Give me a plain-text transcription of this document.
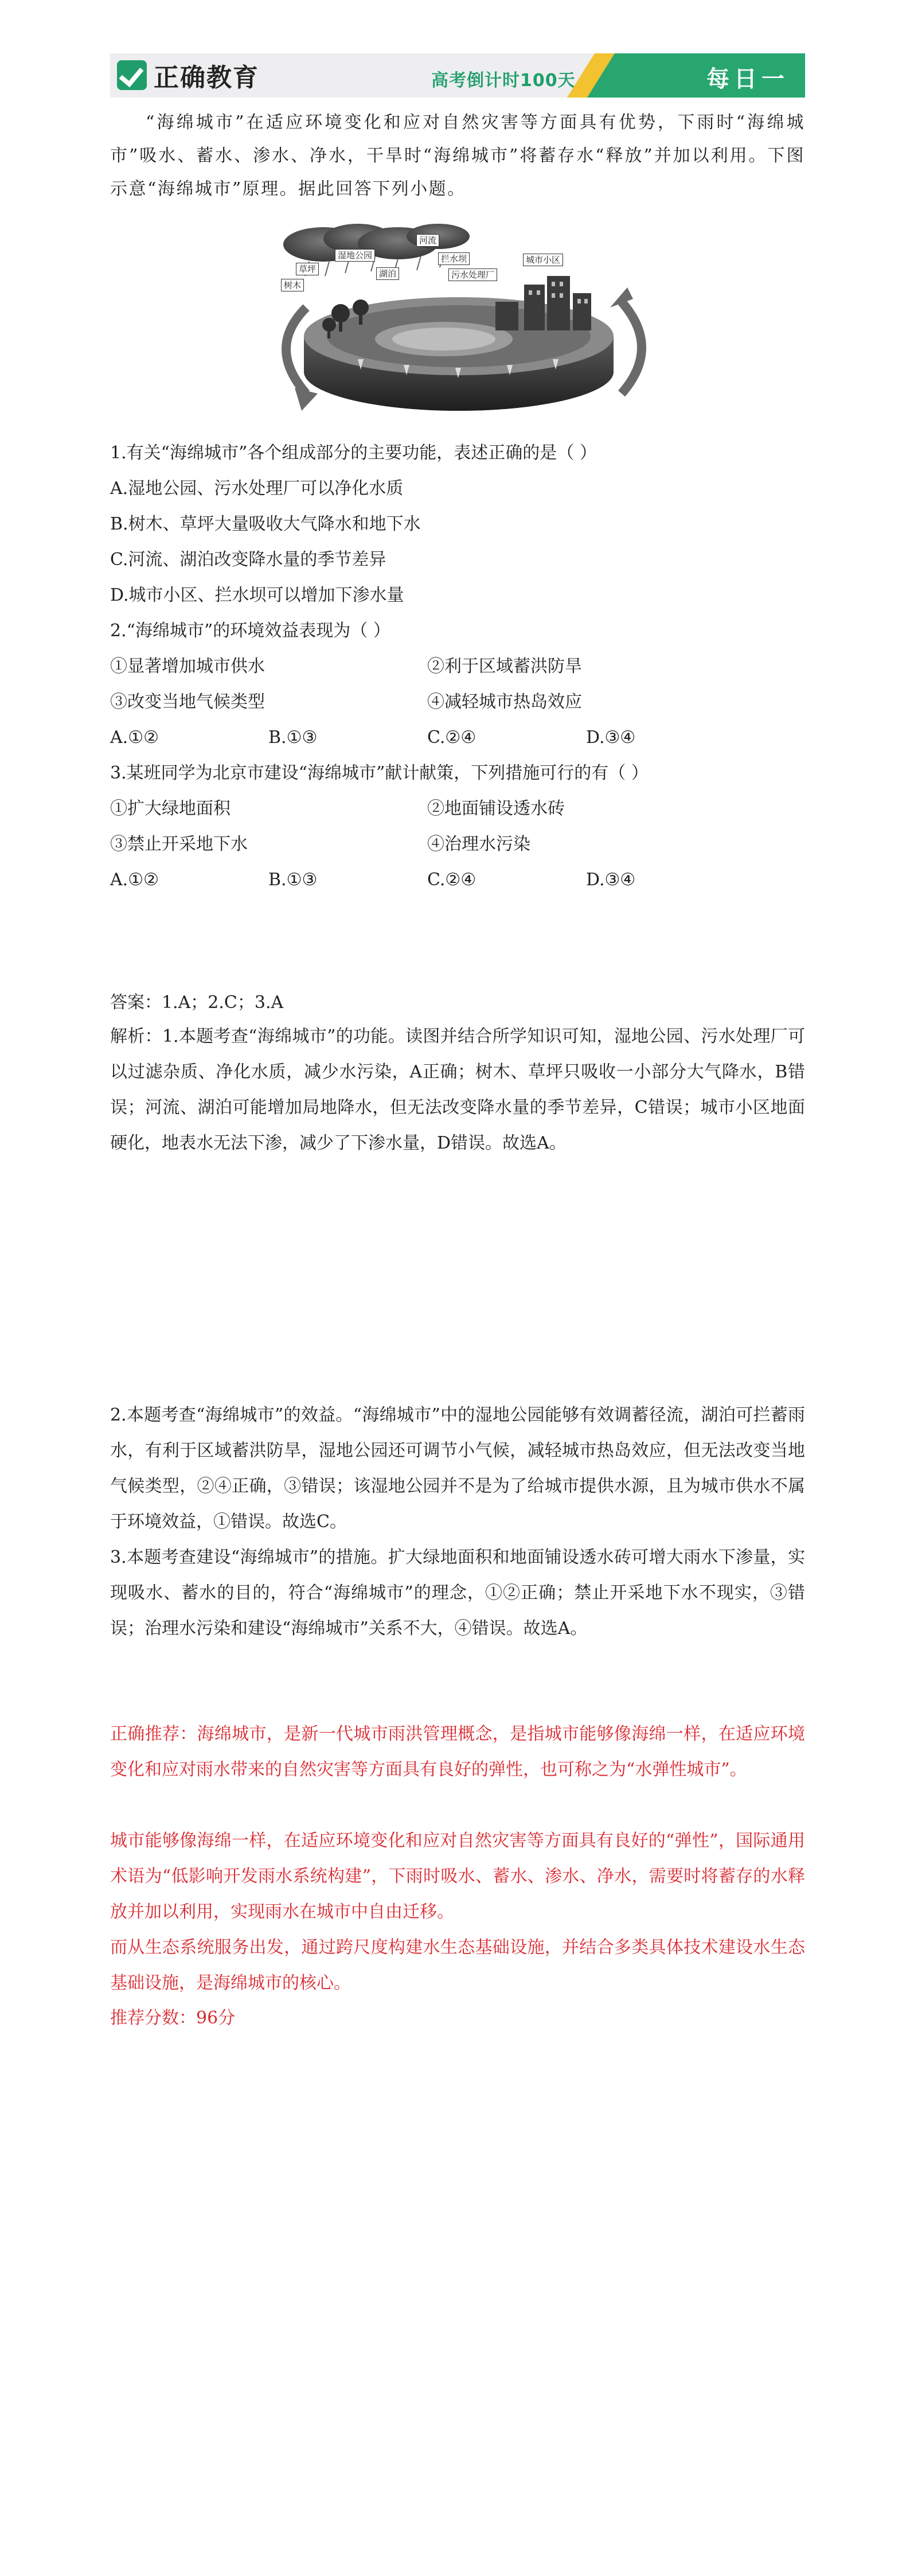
正确教育	高考倒计时100天	每日一
“海绵城市”在适应环境变化和应对自然灾害等方面具有优势，下雨时“海绵城市”吸水、蓄水、渗水、净水，干旱时“海绵城市”将蓄存水“释放”并加以利用。下图示意“海绵城市”原理。据此回答下列小题。
湿地公园
河流
草坪
拦水坝	城市小区
树木
湖泊	污水处理厂
1.有关“海绵城市”各个组成部分的主要功能，表述正确的是（ ）
A.湿地公园、污水处理厂可以净化水质
B.树木、草坪大量吸收大气降水和地下水
C.河流、湖泊改变降水量的季节差异
D.城市小区、拦水坝可以增加下渗水量
2.“海绵城市”的环境效益表现为（ ）
①显著增加城市供水	②利于区域蓄洪防旱
③改变当地气候类型	④减轻城市热岛效应
A.①②	B.①③	C.②④	D.③④
3.某班同学为北京市建设“海绵城市”献计献策，下列措施可行的有（ ）
①扩大绿地面积	②地面铺设透水砖
③禁止开采地下水	④治理水污染
A.①②	B.①③	C.②④	D.③④
答案：1.A；2.C；3.A
解析：1.本题考查“海绵城市”的功能。读图并结合所学知识可知，湿地公园、污水处理厂可以过滤杂质、净化水质，减少水污染，A正确；树木、草坪只吸收一小部分大气降水，B错误；河流、湖泊可能增加局地降水，但无法改变降水量的季节差异，C错误；城市小区地面硬化，地表水无法下渗，减少了下渗水量，D错误。故选A。
2.本题考查“海绵城市”的效益。“海绵城市”中的湿地公园能够有效调蓄径流，湖泊可拦蓄雨水，有利于区域蓄洪防旱，湿地公园还可调节小气候，减轻城市热岛效应，但无法改变当地气候类型，②④正确，③错误；该湿地公园并不是为了给城市提供水源，且为城市供水不属于环境效益，①错误。故选C。
3.本题考查建设“海绵城市”的措施。扩大绿地面积和地面铺设透水砖可增大雨水下渗量，实现吸水、蓄水的目的，符合“海绵城市”的理念，①②正确；禁止开采地下水不现实，③错误；治理水污染和建设“海绵城市”关系不大，④错误。故选A。
正确推荐：海绵城市，是新一代城市雨洪管理概念，是指城市能够像海绵一样，在适应环境变化和应对雨水带来的自然灾害等方面具有良好的弹性，也可称之为“水弹性城市”。
城市能够像海绵一样，在适应环境变化和应对自然灾害等方面具有良好的“弹性”，国际通用术语为“低影响开发雨水系统构建”，下雨时吸水、蓄水、渗水、净水，需要时将蓄存的水释放并加以利用，实现雨水在城市中自由迁移。
而从生态系统服务出发，通过跨尺度构建水生态基础设施，并结合多类具体技术建设水生态基础设施，是海绵城市的核心。
推荐分数：96分
